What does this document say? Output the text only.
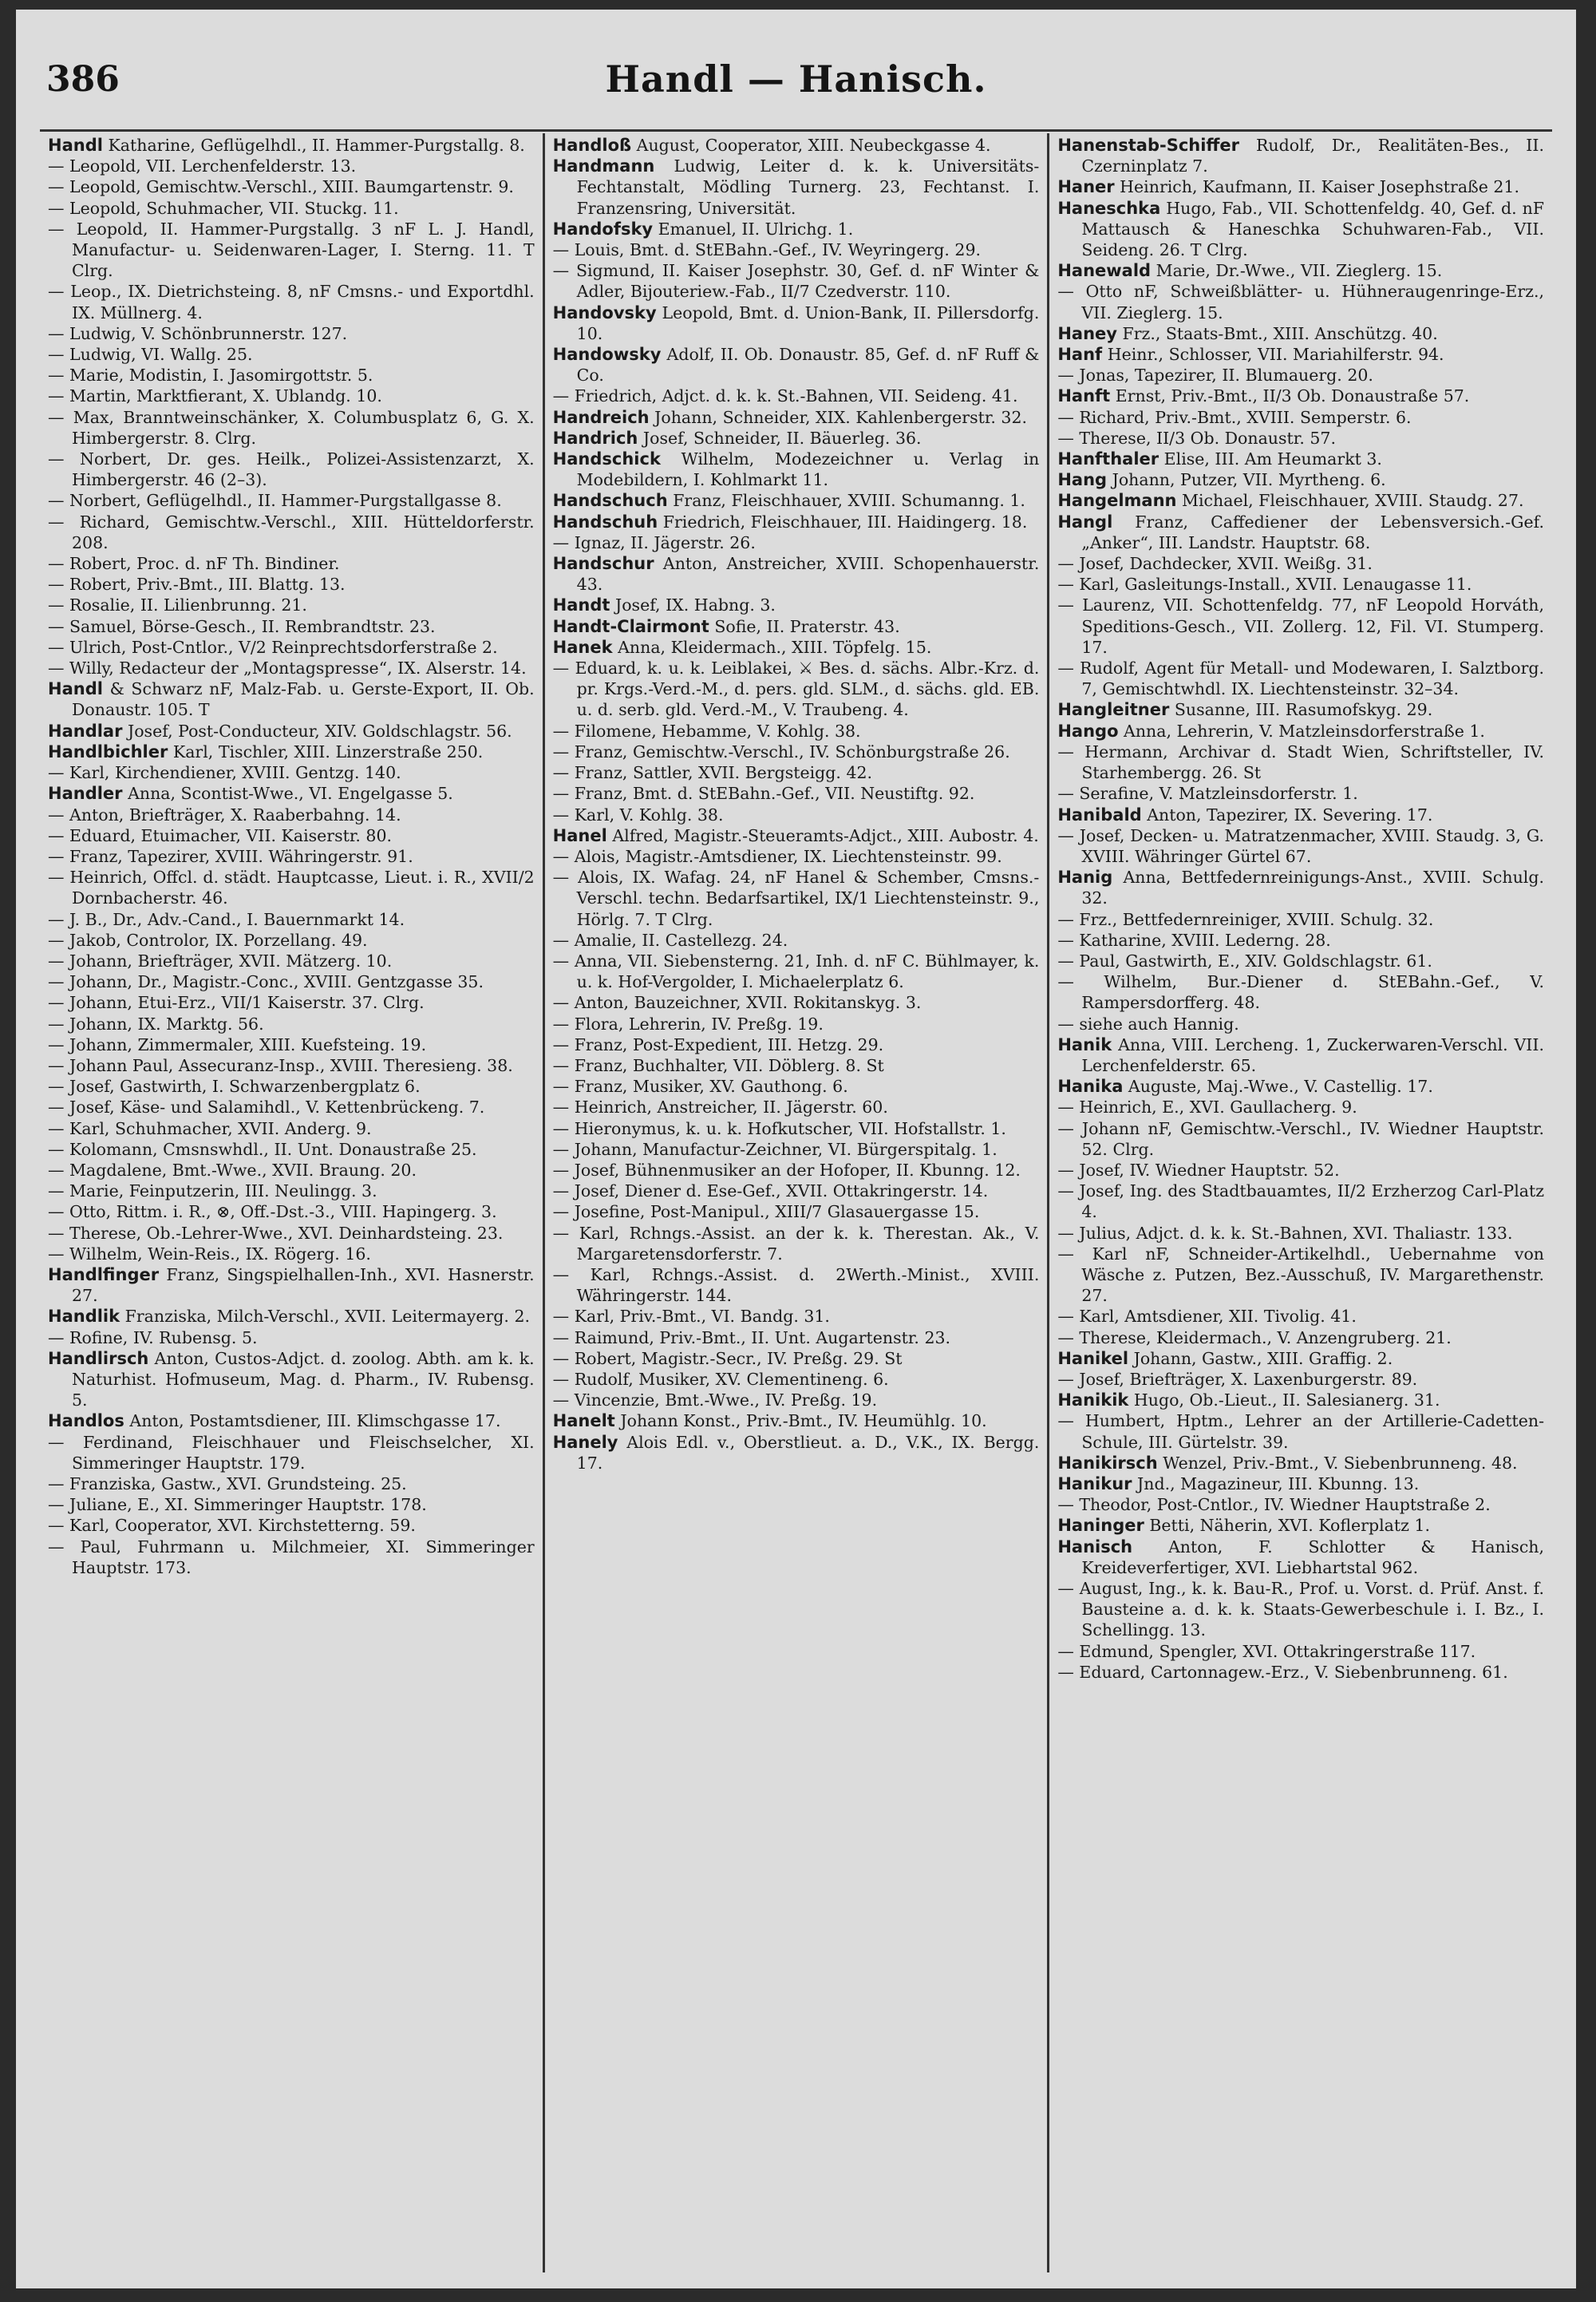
386	Handl — Hanisch.

Handl Katharine, Geflügelhdl., II. Hammer-Purgstallg. 8.

— Leopold, VII. Lerchenfelderstr. 13.

— Leopold, Gemischtw.-Verschl., XIII. Baumgartenstr. 9.

— Leopold, Schuhmacher, VII. Stuckg. 11.

— Leopold, II. Hammer-Purgstallg. 3 nF L. J. Handl, Manufactur- u. Seidenwaren-Lager, I. Sterng. 11. T Clrg.

— Leop., IX. Dietrichsteing. 8, nF Cmsns.- und Exportdhl. IX. Müllnerg. 4.

— Ludwig, V. Schönbrunnerstr. 127.

— Ludwig, VI. Wallg. 25.

— Marie, Modistin, I. Jasomirgottstr. 5.

— Martin, Marktfierant, X. Ublandg. 10.

— Max, Branntweinschänker, X. Columbusplatz 6, G. X. Himbergerstr. 8. Clrg.

— Norbert, Dr. ges. Heilk., Polizei-Assistenzarzt, X. Himbergerstr. 46 (2–3).

— Norbert, Geflügelhdl., II. Hammer-Purgstallgasse 8.

— Richard, Gemischtw.-Verschl., XIII. Hütteldorferstr. 208.

— Robert, Proc. d. nF Th. Bindiner.

— Robert, Priv.-Bmt., III. Blattg. 13.

— Rosalie, II. Lilienbrunng. 21.

— Samuel, Börse-Gesch., II. Rembrandtstr. 23.

— Ulrich, Post-Cntlor., V/2 Reinprechtsdorferstraße 2.

— Willy, Redacteur der „Montagspresse“, IX. Alserstr. 14.

Handl & Schwarz nF, Malz-Fab. u. Gerste-Export, II. Ob. Donaustr. 105. T

Handlar Josef, Post-Conducteur, XIV. Goldschlagstr. 56.

Handlbichler Karl, Tischler, XIII. Linzerstraße 250.

— Karl, Kirchendiener, XVIII. Gentzg. 140.

Handler Anna, Scontist-Wwe., VI. Engelgasse 5.

— Anton, Briefträger, X. Raaberbahng. 14.

— Eduard, Etuimacher, VII. Kaiserstr. 80.

— Franz, Tapezirer, XVIII. Währingerstr. 91.

— Heinrich, Offcl. d. städt. Hauptcasse, Lieut. i. R., XVII/2 Dornbacherstr. 46.

— J. B., Dr., Adv.-Cand., I. Bauernmarkt 14.

— Jakob, Controlor, IX. Porzellang. 49.

— Johann, Briefträger, XVII. Mätzerg. 10.

— Johann, Dr., Magistr.-Conc., XVIII. Gentzgasse 35.

— Johann, Etui-Erz., VII/1 Kaiserstr. 37. Clrg.

— Johann, IX. Marktg. 56.

— Johann, Zimmermaler, XIII. Kuefsteing. 19.

— Johann Paul, Assecuranz-Insp., XVIII. Theresieng. 38.

— Josef, Gastwirth, I. Schwarzenbergplatz 6.

— Josef, Käse- und Salamihdl., V. Kettenbrückeng. 7.

— Karl, Schuhmacher, XVII. Anderg. 9.

— Kolomann, Cmsnswhdl., II. Unt. Donaustraße 25.

— Magdalene, Bmt.-Wwe., XVII. Braung. 20.

— Marie, Feinputzerin, III. Neulingg. 3.

— Otto, Rittm. i. R., ⊗, Off.-Dst.-3., VIII. Hapingerg. 3.

— Therese, Ob.-Lehrer-Wwe., XVI. Deinhardsteing. 23.

— Wilhelm, Wein-Reis., IX. Rögerg. 16.

Handlfinger Franz, Singspielhallen-Inh., XVI. Hasnerstr. 27.

Handlik Franziska, Milch-Verschl., XVII. Leitermayerg. 2.

— Rofine, IV. Rubensg. 5.

Handlirsch Anton, Custos-Adjct. d. zoolog. Abth. am k. k. Naturhist. Hofmuseum, Mag. d. Pharm., IV. Rubensg. 5.

Handlos Anton, Postamtsdiener, III. Klimschgasse 17.

— Ferdinand, Fleischhauer und Fleischselcher, XI. Simmeringer Hauptstr. 179.

— Franziska, Gastw., XVI. Grundsteing. 25.

— Juliane, E., XI. Simmeringer Hauptstr. 178.

— Karl, Cooperator, XVI. Kirchstetterng. 59.

— Paul, Fuhrmann u. Milchmeier, XI. Simmeringer Hauptstr. 173.

Handloß August, Cooperator, XIII. Neubeckgasse 4.

Handmann Ludwig, Leiter d. k. k. Universitäts-Fechtanstalt, Mödling Turnerg. 23, Fechtanst. I. Franzensring, Universität.

Handofsky Emanuel, II. Ulrichg. 1.

— Louis, Bmt. d. StEBahn.-Gef., IV. Weyringerg. 29.

— Sigmund, II. Kaiser Josephstr. 30, Gef. d. nF Winter & Adler, Bijouteriew.-Fab., II/7 Czedverstr. 110.

Handovsky Leopold, Bmt. d. Union-Bank, II. Pillersdorfg. 10.

Handowsky Adolf, II. Ob. Donaustr. 85, Gef. d. nF Ruff & Co.

— Friedrich, Adjct. d. k. k. St.-Bahnen, VII. Seideng. 41.

Handreich Johann, Schneider, XIX. Kahlenbergerstr. 32.

Handrich Josef, Schneider, II. Bäuerleg. 36.

Handschick Wilhelm, Modezeichner u. Verlag in Modebildern, I. Kohlmarkt 11.

Handschuch Franz, Fleischhauer, XVIII. Schumanng. 1.

Handschuh Friedrich, Fleischhauer, III. Haidingerg. 18.

— Ignaz, II. Jägerstr. 26.

Handschur Anton, Anstreicher, XVIII. Schopenhauerstr. 43.

Handt Josef, IX. Habng. 3.

Handt-Clairmont Sofie, II. Praterstr. 43.

Hanek Anna, Kleidermach., XIII. Töpfelg. 15.

— Eduard, k. u. k. Leiblakei, ⚔ Bes. d. sächs. Albr.-Krz. d. pr. Krgs.-Verd.-M., d. pers. gld. SLM., d. sächs. gld. EB. u. d. serb. gld. Verd.-M., V. Traubeng. 4.

— Filomene, Hebamme, V. Kohlg. 38.

— Franz, Gemischtw.-Verschl., IV. Schönburgstraße 26.

— Franz, Sattler, XVII. Bergsteigg. 42.

— Franz, Bmt. d. StEBahn.-Gef., VII. Neustiftg. 92.

— Karl, V. Kohlg. 38.

Hanel Alfred, Magistr.-Steueramts-Adjct., XIII. Aubostr. 4.

— Alois, Magistr.-Amtsdiener, IX. Liechtensteinstr. 99.

— Alois, IX. Wafag. 24, nF Hanel & Schember, Cmsns.-Verschl. techn. Bedarfsartikel, IX/1 Liechtensteinstr. 9., Hörlg. 7. T Clrg.

— Amalie, II. Castellezg. 24.

— Anna, VII. Siebensterng. 21, Inh. d. nF C. Bühlmayer, k. u. k. Hof-Vergolder, I. Michaelerplatz 6.

— Anton, Bauzeichner, XVII. Rokitanskyg. 3.

— Flora, Lehrerin, IV. Preßg. 19.

— Franz, Post-Expedient, III. Hetzg. 29.

— Franz, Buchhalter, VII. Döblerg. 8. St

— Franz, Musiker, XV. Gauthong. 6.

— Heinrich, Anstreicher, II. Jägerstr. 60.

— Hieronymus, k. u. k. Hofkutscher, VII. Hofstallstr. 1.

— Johann, Manufactur-Zeichner, VI. Bürgerspitalg. 1.

— Josef, Bühnenmusiker an der Hofoper, II. Kbunng. 12.

— Josef, Diener d. Ese-Gef., XVII. Ottakringerstr. 14.

— Josefine, Post-Manipul., XIII/7 Glasauergasse 15.

— Karl, Rchngs.-Assist. an der k. k. Therestan. Ak., V. Margaretensdorferstr. 7.

— Karl, Rchngs.-Assist. d. 2Werth.-Minist., XVIII. Währingerstr. 144.

— Karl, Priv.-Bmt., VI. Bandg. 31.

— Raimund, Priv.-Bmt., II. Unt. Augartenstr. 23.

— Robert, Magistr.-Secr., IV. Preßg. 29. St

— Rudolf, Musiker, XV. Clementineng. 6.

— Vincenzie, Bmt.-Wwe., IV. Preßg. 19.

Hanelt Johann Konst., Priv.-Bmt., IV. Heumühlg. 10.

Hanely Alois Edl. v., Oberstlieut. a. D., V.K., IX. Bergg. 17.

Hanenstab-Schiffer Rudolf, Dr., Realitäten-Bes., II. Czerninplatz 7.

Haner Heinrich, Kaufmann, II. Kaiser Josephstraße 21.

Haneschka Hugo, Fab., VII. Schottenfeldg. 40, Gef. d. nF Mattausch & Haneschka Schuhwaren-Fab., VII. Seideng. 26. T Clrg.

Hanewald Marie, Dr.-Wwe., VII. Zieglerg. 15.

— Otto nF, Schweißblätter- u. Hühneraugenringe-Erz., VII. Zieglerg. 15.

Haney Frz., Staats-Bmt., XIII. Anschützg. 40.

Hanf Heinr., Schlosser, VII. Mariahilferstr. 94.

— Jonas, Tapezirer, II. Blumauerg. 20.

Hanft Ernst, Priv.-Bmt., II/3 Ob. Donaustraße 57.

— Richard, Priv.-Bmt., XVIII. Semperstr. 6.

— Therese, II/3 Ob. Donaustr. 57.

Hanfthaler Elise, III. Am Heumarkt 3.

Hang Johann, Putzer, VII. Myrtheng. 6.

Hangelmann Michael, Fleischhauer, XVIII. Staudg. 27.

Hangl Franz, Caffediener der Lebensversich.-Gef. „Anker“, III. Landstr. Hauptstr. 68.

— Josef, Dachdecker, XVII. Weißg. 31.

— Karl, Gasleitungs-Install., XVII. Lenaugasse 11.

— Laurenz, VII. Schottenfeldg. 77, nF Leopold Horváth, Speditions-Gesch., VII. Zollerg. 12, Fil. VI. Stumperg. 17.

— Rudolf, Agent für Metall- und Modewaren, I. Salztborg. 7, Gemischtwhdl. IX. Liechtensteinstr. 32–34.

Hangleitner Susanne, III. Rasumofskyg. 29.

Hango Anna, Lehrerin, V. Matzleinsdorferstraße 1.

— Hermann, Archivar d. Stadt Wien, Schriftsteller, IV. Starhembergg. 26. St

— Serafine, V. Matzleinsdorferstr. 1.

Hanibald Anton, Tapezirer, IX. Severing. 17.

— Josef, Decken- u. Matratzenmacher, XVIII. Staudg. 3, G. XVIII. Währinger Gürtel 67.

Hanig Anna, Bettfedernreinigungs-Anst., XVIII. Schulg. 32.

— Frz., Bettfedernreiniger, XVIII. Schulg. 32.

— Katharine, XVIII. Lederng. 28.

— Paul, Gastwirth, E., XIV. Goldschlagstr. 61.

— Wilhelm, Bur.-Diener d. StEBahn.-Gef., V. Rampersdorfferg. 48.

— siehe auch Hannig.

Hanik Anna, VIII. Lercheng. 1, Zuckerwaren-Verschl. VII. Lerchenfelderstr. 65.

Hanika Auguste, Maj.-Wwe., V. Castellig. 17.

— Heinrich, E., XVI. Gaullacherg. 9.

— Johann nF, Gemischtw.-Verschl., IV. Wiedner Hauptstr. 52. Clrg.

— Josef, IV. Wiedner Hauptstr. 52.

— Josef, Ing. des Stadtbauamtes, II/2 Erzherzog Carl-Platz 4.

— Julius, Adjct. d. k. k. St.-Bahnen, XVI. Thaliastr. 133.

— Karl nF, Schneider-Artikelhdl., Uebernahme von Wäsche z. Putzen, Bez.-Ausschuß, IV. Margarethenstr. 27.

— Karl, Amtsdiener, XII. Tivolig. 41.

— Therese, Kleidermach., V. Anzengruberg. 21.

Hanikel Johann, Gastw., XIII. Graffig. 2.

— Josef, Briefträger, X. Laxenburgerstr. 89.

Hanikik Hugo, Ob.-Lieut., II. Salesianerg. 31.

— Humbert, Hptm., Lehrer an der Artillerie-Cadetten-Schule, III. Gürtelstr. 39.

Hanikirsch Wenzel, Priv.-Bmt., V. Siebenbrunneng. 48.

Hanikur Jnd., Magazineur, III. Kbunng. 13.

— Theodor, Post-Cntlor., IV. Wiedner Hauptstraße 2.

Haninger Betti, Näherin, XVI. Koflerplatz 1.

Hanisch Anton, F. Schlotter & Hanisch, Kreideverfertiger, XVI. Liebhartstal 962.

— August, Ing., k. k. Bau-R., Prof. u. Vorst. d. Prüf. Anst. f. Bausteine a. d. k. k. Staats-Gewerbeschule i. I. Bz., I. Schellingg. 13.

— Edmund, Spengler, XVI. Ottakringerstraße 117.

— Eduard, Cartonnagew.-Erz., V. Siebenbrunneng. 61.
